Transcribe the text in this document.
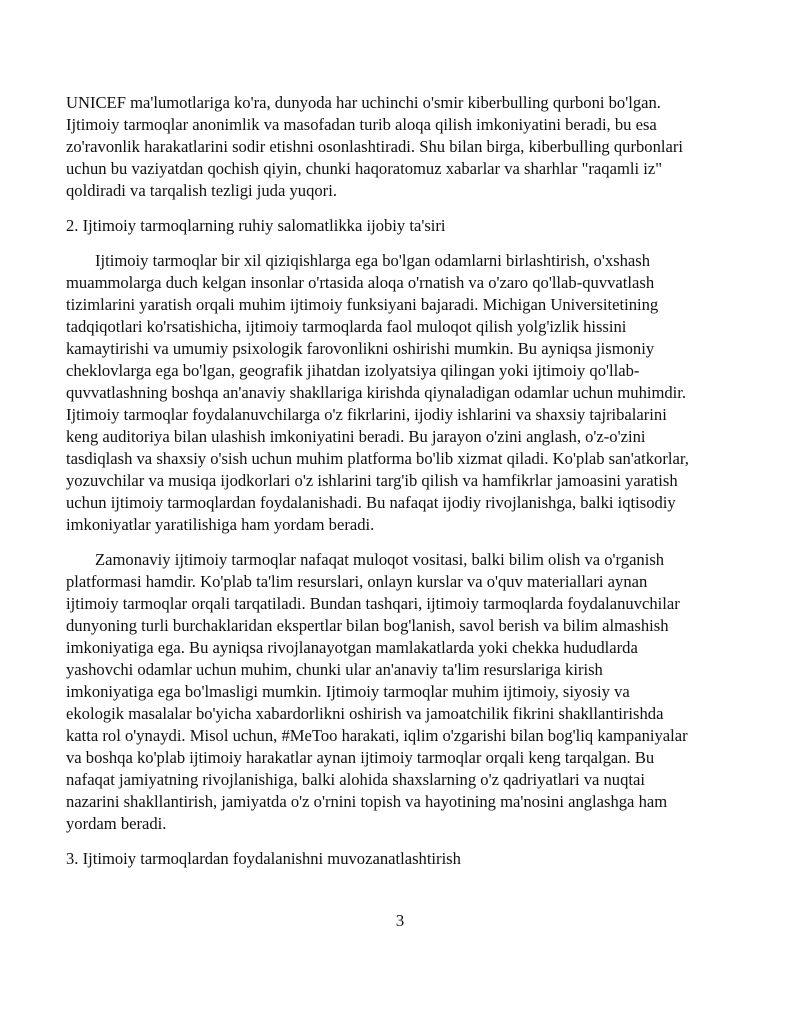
UNICEF ma'lumotlariga ko'ra, dunyoda har uchinchi o'smir kiberbulling qurboni bo'lgan.
Ijtimoiy tarmoqlar anonimlik va masofadan turib aloqa qilish imkoniyatini beradi, bu esa
zo'ravonlik harakatlarini sodir etishni osonlashtiradi. Shu bilan birga, kiberbulling qurbonlari
uchun bu vaziyatdan qochish qiyin, chunki haqoratomuz xabarlar va sharhlar "raqamli iz"
qoldiradi va tarqalish tezligi juda yuqori.
2. Ijtimoiy tarmoqlarning ruhiy salomatlikka ijobiy ta'siri
Ijtimoiy tarmoqlar bir xil qiziqishlarga ega bo'lgan odamlarni birlashtirish, o'xshash
muammolarga duch kelgan insonlar o'rtasida aloqa o'rnatish va o'zaro qo'llab-quvvatlash
tizimlarini yaratish orqali muhim ijtimoiy funksiyani bajaradi. Michigan Universitetining
tadqiqotlari ko'rsatishicha, ijtimoiy tarmoqlarda faol muloqot qilish yolg'izlik hissini
kamaytirishi va umumiy psixologik farovonlikni oshirishi mumkin. Bu ayniqsa jismoniy
cheklovlarga ega bo'lgan, geografik jihatdan izolyatsiya qilingan yoki ijtimoiy qo'llab-
quvvatlashning boshqa an'anaviy shakllariga kirishda qiynaladigan odamlar uchun muhimdir.
Ijtimoiy tarmoqlar foydalanuvchilarga o'z fikrlarini, ijodiy ishlarini va shaxsiy tajribalarini
keng auditoriya bilan ulashish imkoniyatini beradi. Bu jarayon o'zini anglash, o'z-o'zini
tasdiqlash va shaxsiy o'sish uchun muhim platforma bo'lib xizmat qiladi. Ko'plab san'atkorlar,
yozuvchilar va musiqa ijodkorlari o'z ishlarini targ'ib qilish va hamfikrlar jamoasini yaratish
uchun ijtimoiy tarmoqlardan foydalanishadi. Bu nafaqat ijodiy rivojlanishga, balki iqtisodiy
imkoniyatlar yaratilishiga ham yordam beradi.
Zamonaviy ijtimoiy tarmoqlar nafaqat muloqot vositasi, balki bilim olish va o'rganish
platformasi hamdir. Ko'plab ta'lim resurslari, onlayn kurslar va o'quv materiallari aynan
ijtimoiy tarmoqlar orqali tarqatiladi. Bundan tashqari, ijtimoiy tarmoqlarda foydalanuvchilar
dunyoning turli burchaklaridan ekspertlar bilan bog'lanish, savol berish va bilim almashish
imkoniyatiga ega. Bu ayniqsa rivojlanayotgan mamlakatlarda yoki chekka hududlarda
yashovchi odamlar uchun muhim, chunki ular an'anaviy ta'lim resurslariga kirish
imkoniyatiga ega bo'lmasligi mumkin. Ijtimoiy tarmoqlar muhim ijtimoiy, siyosiy va
ekologik masalalar bo'yicha xabardorlikni oshirish va jamoatchilik fikrini shakllantirishda
katta rol o'ynaydi. Misol uchun, #MeToo harakati, iqlim o'zgarishi bilan bog'liq kampaniyalar
va boshqa ko'plab ijtimoiy harakatlar aynan ijtimoiy tarmoqlar orqali keng tarqalgan. Bu
nafaqat jamiyatning rivojlanishiga, balki alohida shaxslarning o'z qadriyatlari va nuqtai
nazarini shakllantirish, jamiyatda o'z o'rnini topish va hayotining ma'nosini anglashga ham
yordam beradi.
3. Ijtimoiy tarmoqlardan foydalanishni muvozanatlashtirish
3
